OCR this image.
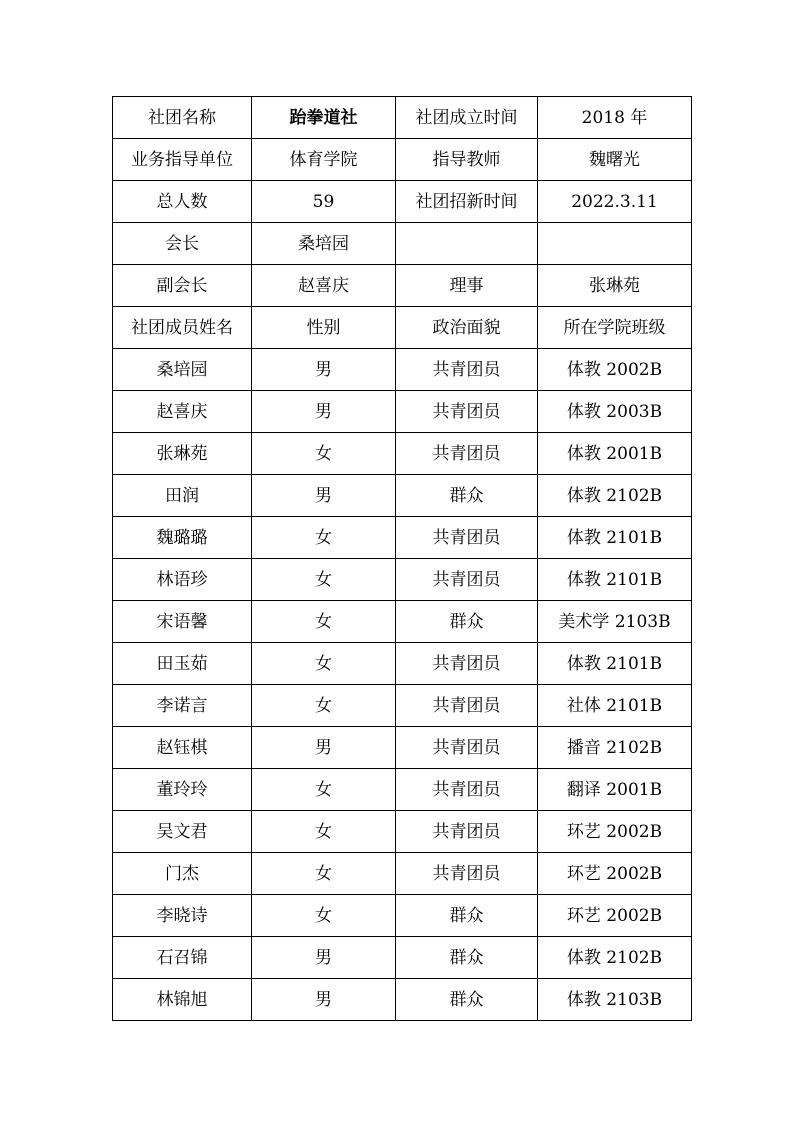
社团名称	跆拳道社	社团成立时间	2018 年
业务指导单位	体育学院	指导教师	魏曙光
总人数	59	社团招新时间	2022.3.11
会长	桑培园		
副会长	赵喜庆	理事	张琳苑
社团成员姓名	性别	政治面貌	所在学院班级
桑培园	男	共青团员	体教 2002B
赵喜庆	男	共青团员	体教 2003B
张琳苑	女	共青团员	体教 2001B
田润	男	群众	体教 2102B
魏璐璐	女	共青团员	体教 2101B
林语珍	女	共青团员	体教 2101B
宋语馨	女	群众	美术学 2103B
田玉茹	女	共青团员	体教 2101B
李诺言	女	共青团员	社体 2101B
赵钰棋	男	共青团员	播音 2102B
董玲玲	女	共青团员	翻译 2001B
吴文君	女	共青团员	环艺 2002B
门杰	女	共青团员	环艺 2002B
李晓诗	女	群众	环艺 2002B
石召锦	男	群众	体教 2102B
林锦旭	男	群众	体教 2103B
